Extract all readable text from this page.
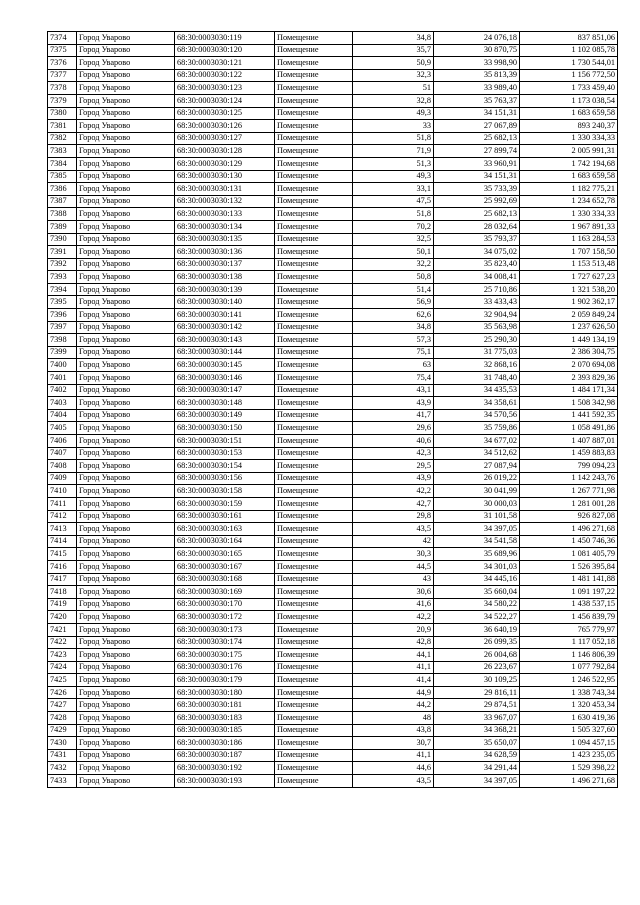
7374	Город Уварово	68:30:0003030:119	Помещение	34,8	24 076,18	837 851,06
7375	Город Уварово	68:30:0003030:120	Помещение	35,7	30 870,75	1 102 085,78
7376	Город Уварово	68:30:0003030:121	Помещение	50,9	33 998,90	1 730 544,01
7377	Город Уварово	68:30:0003030:122	Помещение	32,3	35 813,39	1 156 772,50
7378	Город Уварово	68:30:0003030:123	Помещение	51	33 989,40	1 733 459,40
7379	Город Уварово	68:30:0003030:124	Помещение	32,8	35 763,37	1 173 038,54
7380	Город Уварово	68:30:0003030:125	Помещение	49,3	34 151,31	1 683 659,58
7381	Город Уварово	68:30:0003030:126	Помещение	33	27 067,89	893 240,37
7382	Город Уварово	68:30:0003030:127	Помещение	51,8	25 682,13	1 330 334,33
7383	Город Уварово	68:30:0003030:128	Помещение	71,9	27 899,74	2 005 991,31
7384	Город Уварово	68:30:0003030:129	Помещение	51,3	33 960,91	1 742 194,68
7385	Город Уварово	68:30:0003030:130	Помещение	49,3	34 151,31	1 683 659,58
7386	Город Уварово	68:30:0003030:131	Помещение	33,1	35 733,39	1 182 775,21
7387	Город Уварово	68:30:0003030:132	Помещение	47,5	25 992,69	1 234 652,78
7388	Город Уварово	68:30:0003030:133	Помещение	51,8	25 682,13	1 330 334,33
7389	Город Уварово	68:30:0003030:134	Помещение	70,2	28 032,64	1 967 891,33
7390	Город Уварово	68:30:0003030:135	Помещение	32,5	35 793,37	1 163 284,53
7391	Город Уварово	68:30:0003030:136	Помещение	50,1	34 075,02	1 707 158,50
7392	Город Уварово	68:30:0003030:137	Помещение	32,2	35 823,40	1 153 513,48
7393	Город Уварово	68:30:0003030:138	Помещение	50,8	34 008,41	1 727 627,23
7394	Город Уварово	68:30:0003030:139	Помещение	51,4	25 710,86	1 321 538,20
7395	Город Уварово	68:30:0003030:140	Помещение	56,9	33 433,43	1 902 362,17
7396	Город Уварово	68:30:0003030:141	Помещение	62,6	32 904,94	2 059 849,24
7397	Город Уварово	68:30:0003030:142	Помещение	34,8	35 563,98	1 237 626,50
7398	Город Уварово	68:30:0003030:143	Помещение	57,3	25 290,30	1 449 134,19
7399	Город Уварово	68:30:0003030:144	Помещение	75,1	31 775,03	2 386 304,75
7400	Город Уварово	68:30:0003030:145	Помещение	63	32 868,16	2 070 694,08
7401	Город Уварово	68:30:0003030:146	Помещение	75,4	31 748,40	2 393 829,36
7402	Город Уварово	68:30:0003030:147	Помещение	43,1	34 435,53	1 484 171,34
7403	Город Уварово	68:30:0003030:148	Помещение	43,9	34 358,61	1 508 342,98
7404	Город Уварово	68:30:0003030:149	Помещение	41,7	34 570,56	1 441 592,35
7405	Город Уварово	68:30:0003030:150	Помещение	29,6	35 759,86	1 058 491,86
7406	Город Уварово	68:30:0003030:151	Помещение	40,6	34 677,02	1 407 887,01
7407	Город Уварово	68:30:0003030:153	Помещение	42,3	34 512,62	1 459 883,83
7408	Город Уварово	68:30:0003030:154	Помещение	29,5	27 087,94	799 094,23
7409	Город Уварово	68:30:0003030:156	Помещение	43,9	26 019,22	1 142 243,76
7410	Город Уварово	68:30:0003030:158	Помещение	42,2	30 041,99	1 267 771,98
7411	Город Уварово	68:30:0003030:159	Помещение	42,7	30 000,03	1 281 001,28
7412	Город Уварово	68:30:0003030:161	Помещение	29,8	31 101,58	926 827,08
7413	Город Уварово	68:30:0003030:163	Помещение	43,5	34 397,05	1 496 271,68
7414	Город Уварово	68:30:0003030:164	Помещение	42	34 541,58	1 450 746,36
7415	Город Уварово	68:30:0003030:165	Помещение	30,3	35 689,96	1 081 405,79
7416	Город Уварово	68:30:0003030:167	Помещение	44,5	34 301,03	1 526 395,84
7417	Город Уварово	68:30:0003030:168	Помещение	43	34 445,16	1 481 141,88
7418	Город Уварово	68:30:0003030:169	Помещение	30,6	35 660,04	1 091 197,22
7419	Город Уварово	68:30:0003030:170	Помещение	41,6	34 580,22	1 438 537,15
7420	Город Уварово	68:30:0003030:172	Помещение	42,2	34 522,27	1 456 839,79
7421	Город Уварово	68:30:0003030:173	Помещение	20,9	36 640,19	765 779,97
7422	Город Уварово	68:30:0003030:174	Помещение	42,8	26 099,35	1 117 052,18
7423	Город Уварово	68:30:0003030:175	Помещение	44,1	26 004,68	1 146 806,39
7424	Город Уварово	68:30:0003030:176	Помещение	41,1	26 223,67	1 077 792,84
7425	Город Уварово	68:30:0003030:179	Помещение	41,4	30 109,25	1 246 522,95
7426	Город Уварово	68:30:0003030:180	Помещение	44,9	29 816,11	1 338 743,34
7427	Город Уварово	68:30:0003030:181	Помещение	44,2	29 874,51	1 320 453,34
7428	Город Уварово	68:30:0003030:183	Помещение	48	33 967,07	1 630 419,36
7429	Город Уварово	68:30:0003030:185	Помещение	43,8	34 368,21	1 505 327,60
7430	Город Уварово	68:30:0003030:186	Помещение	30,7	35 650,07	1 094 457,15
7431	Город Уварово	68:30:0003030:187	Помещение	41,1	34 628,59	1 423 235,05
7432	Город Уварово	68:30:0003030:192	Помещение	44,6	34 291,44	1 529 398,22
7433	Город Уварово	68:30:0003030:193	Помещение	43,5	34 397,05	1 496 271,68
